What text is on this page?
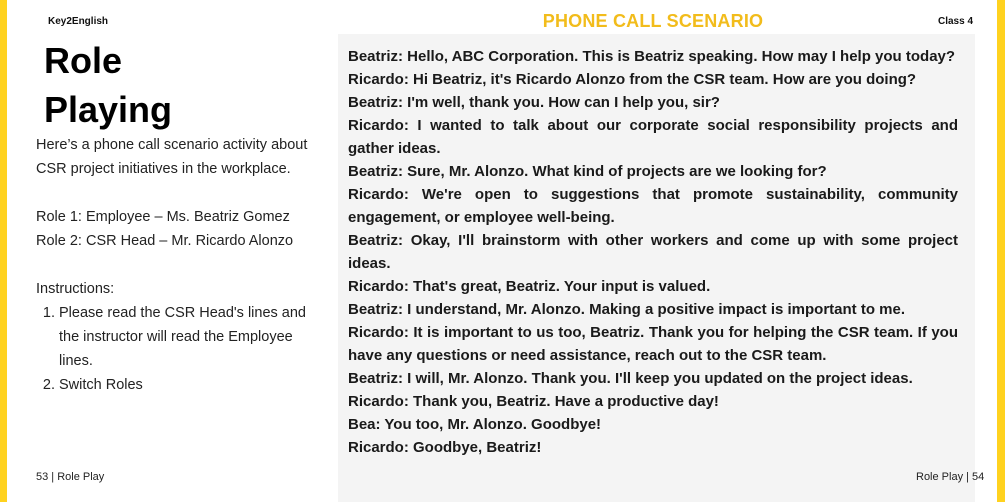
Key2English	PHONE CALL SCENARIO	Class 4
Role
Playing

Here’s a phone call scenario activity about CSR project initiatives in the workplace.

Role 1: Employee – Ms. Beatriz Gomez

Role 2: CSR Head – Mr. Ricardo Alonzo

Instructions:

1. Please read the CSR Head's lines and the instructor will read the Employee lines.
2. Switch Roles

Beatriz: Hello, ABC Corporation. This is Beatriz speaking. How may I help you today?

Ricardo: Hi Beatriz, it's Ricardo Alonzo from the CSR team. How are you doing?

Beatriz: I'm well, thank you. How can I help you, sir?

Ricardo: I wanted to talk about our corporate social responsibility projects and gather ideas.

Beatriz: Sure, Mr. Alonzo. What kind of projects are we looking for?

Ricardo: We're open to suggestions that promote sustainability, community engagement, or employee well-being.

Beatriz: Okay, I'll brainstorm with other workers and come up with some project ideas.

Ricardo: That's great, Beatriz. Your input is valued.

Beatriz: I understand, Mr. Alonzo. Making a positive impact is important to me.

Ricardo: It is important to us too, Beatriz. Thank you for helping the CSR team. If you have any questions or need assistance, reach out to the CSR team.

Beatriz: I will, Mr. Alonzo. Thank you. I'll keep you updated on the project ideas.

Ricardo: Thank you, Beatriz. Have a productive day!

Bea: You too, Mr. Alonzo. Goodbye!

Ricardo: Goodbye, Beatriz!

53 | Role Play	Role Play | 54
